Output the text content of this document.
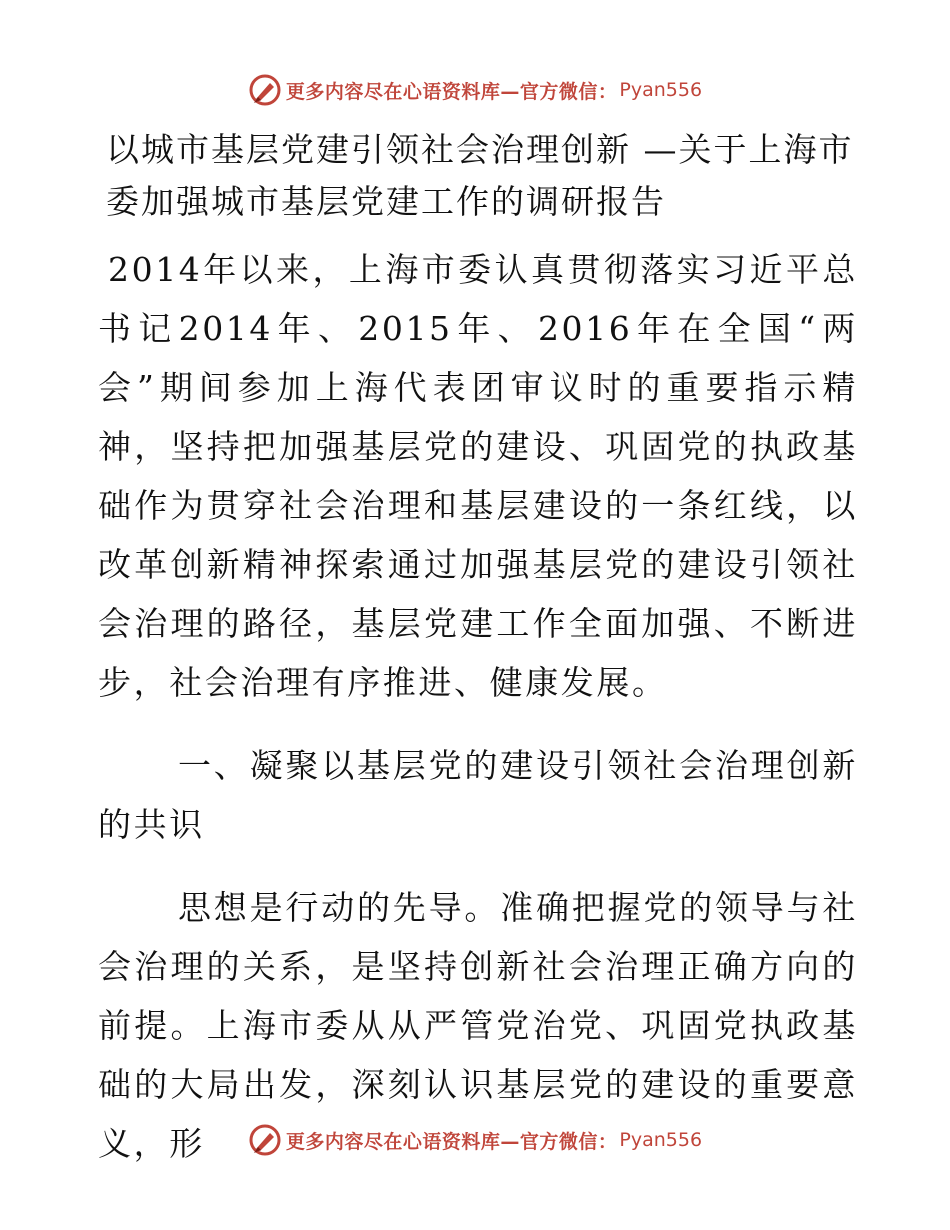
更多内容尽在心语资料库—官方微信： Pyan556
以城市基层党建引领社会治理创新 —关于上海市委加强城市基层党建工作的调研报告

2014年以来，上海市委认真贯彻落实习近平总书记2014年、2015年、2016年在全国“两会”期间参加上海代表团审议时的重要指示精神，坚持把加强基层党的建设、巩固党的执政基础作为贯穿社会治理和基层建设的一条红线，以改革创新精神探索通过加强基层党的建设引领社会治理的路径，基层党建工作全面加强、不断进步，社会治理有序推进、健康发展。

一、凝聚以基层党的建设引领社会治理创新的共识

思想是行动的先导。准确把握党的领导与社会治理的关系，是坚持创新社会治理正确方向的前提。上海市委从从严管党治党、巩固党执政基础的大局出发，深刻认识基层党的建设的重要意义，形	更多内容尽在心语资料库—官方微信： Pyan556
